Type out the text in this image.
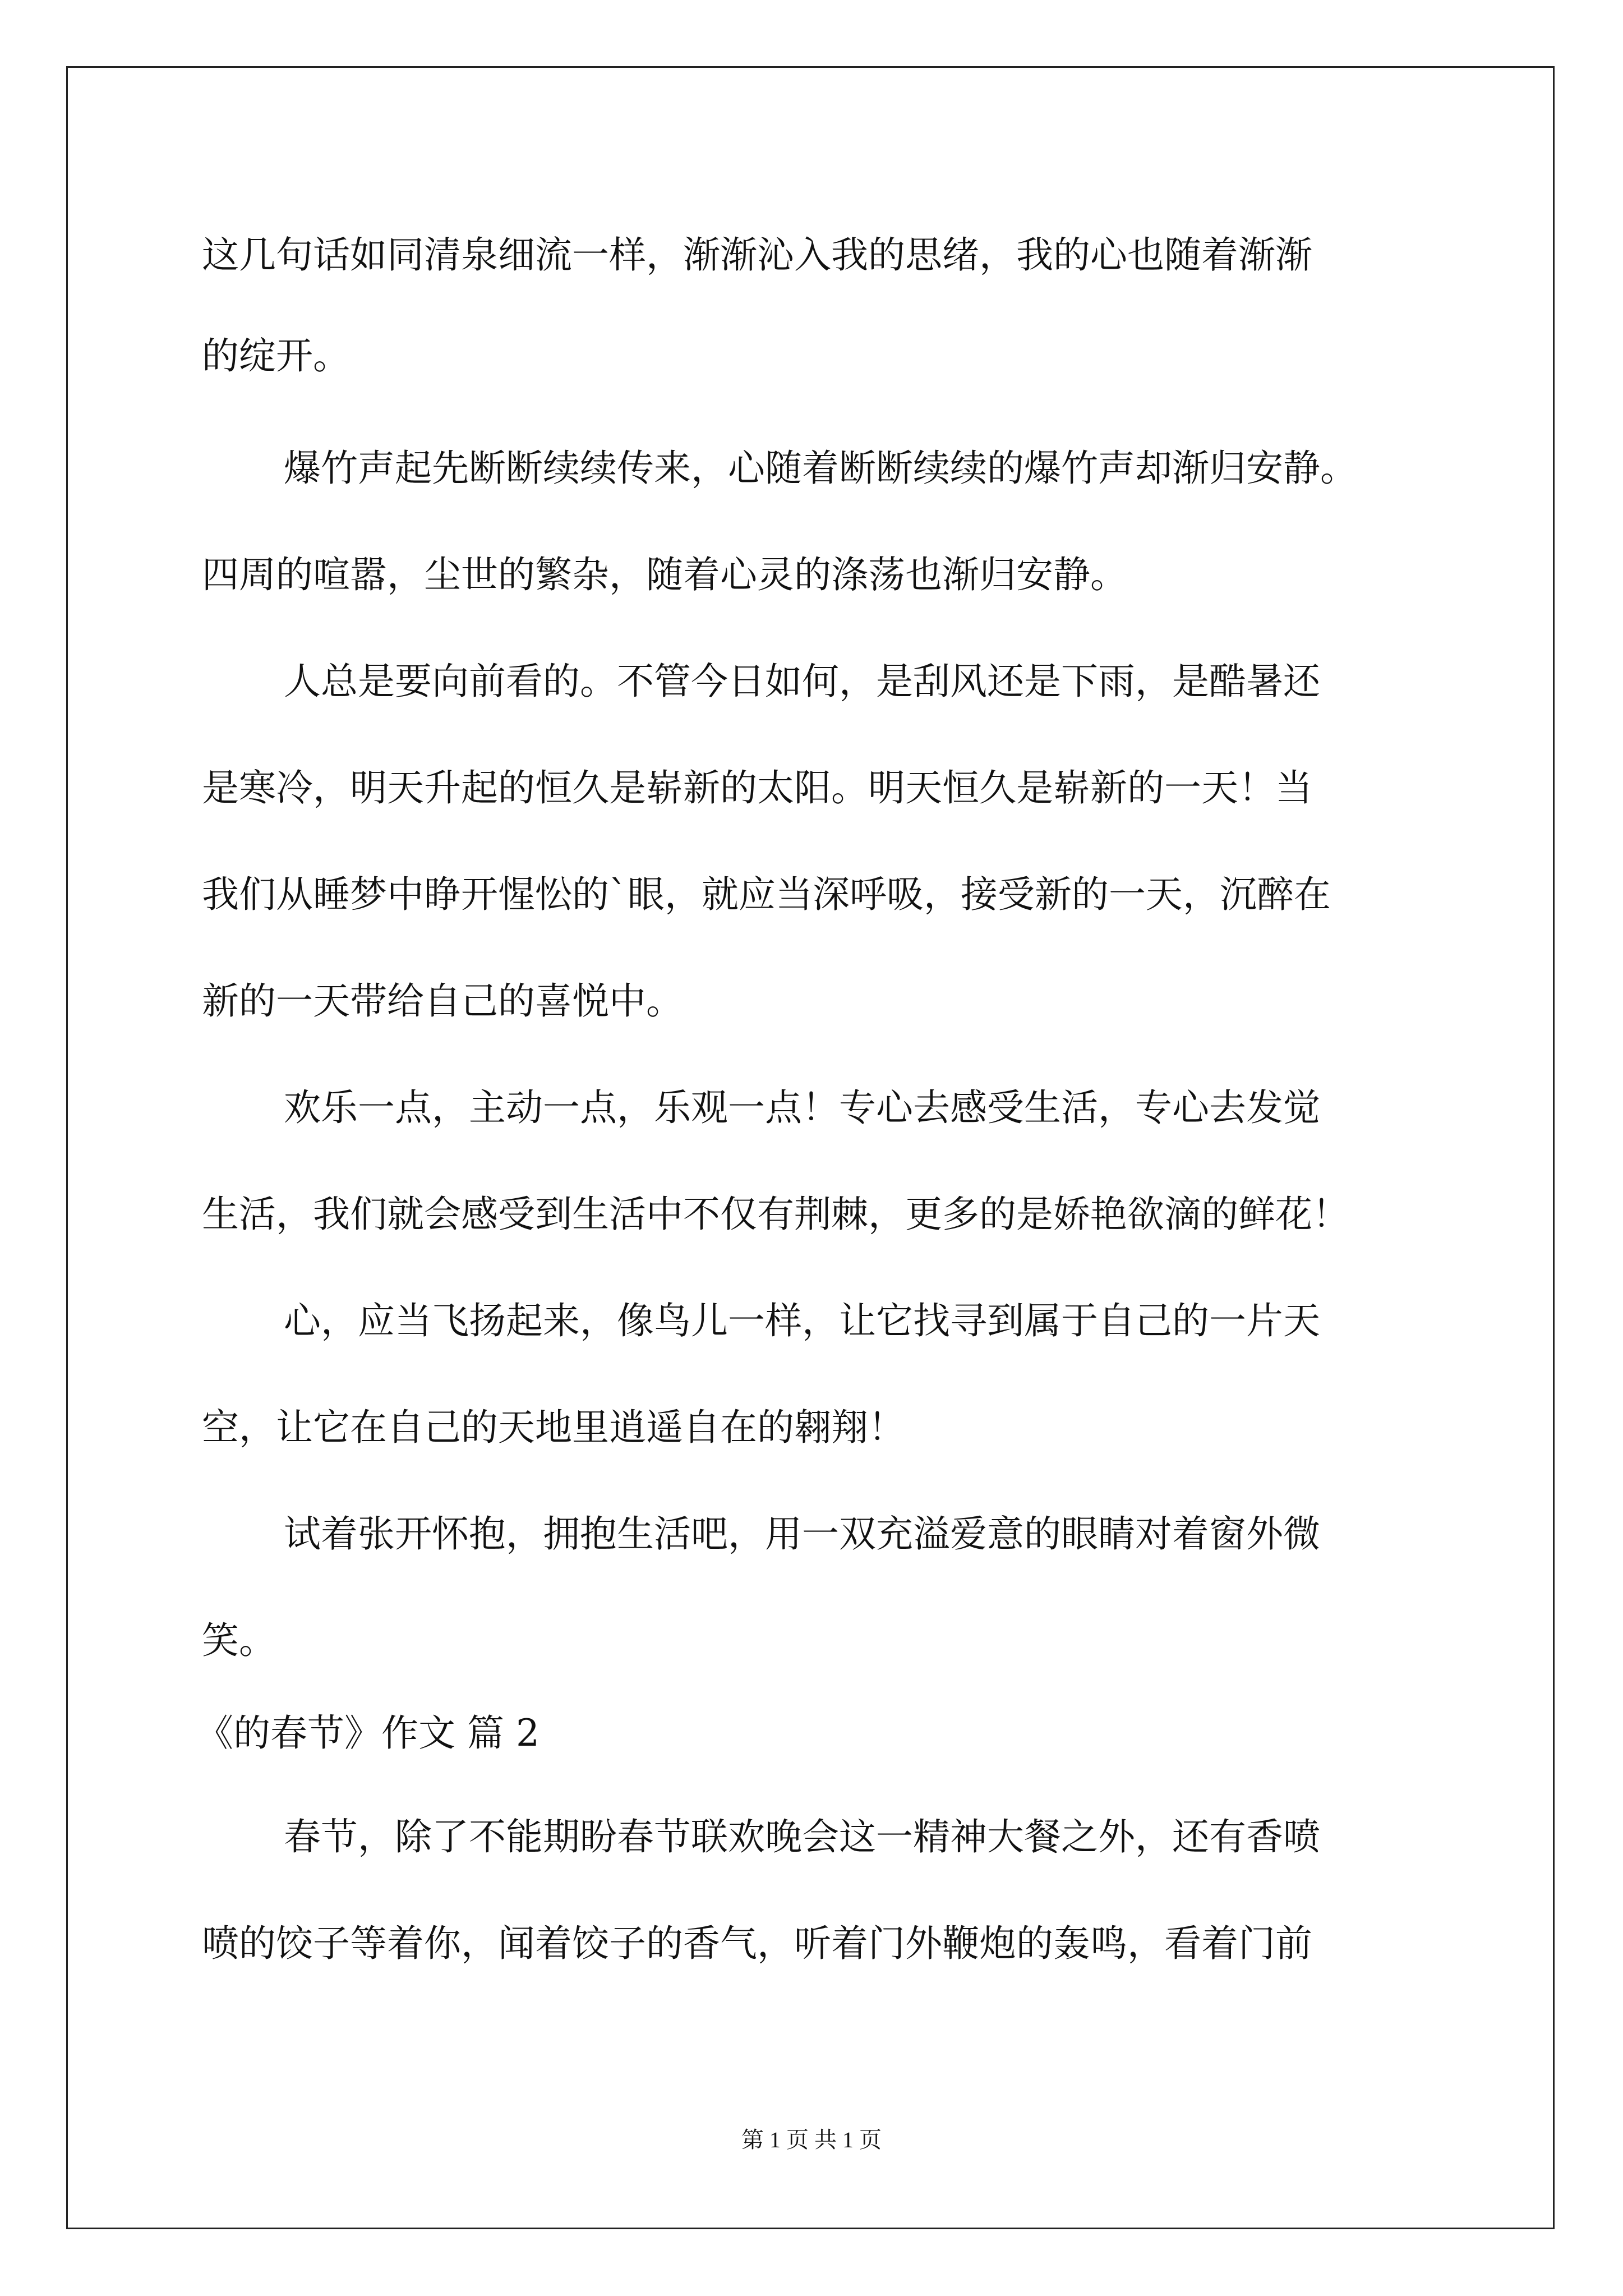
这几句话如同清泉细流一样，渐渐沁入我的思绪，我的心也随着渐渐
的绽开。
爆竹声起先断断续续传来，心随着断断续续的爆竹声却渐归安静。
四周的喧嚣，尘世的繁杂，随着心灵的涤荡也渐归安静。
人总是要向前看的。不管今日如何，是刮风还是下雨，是酷暑还
是寒冷，明天升起的恒久是崭新的太阳。明天恒久是崭新的一天！当
我们从睡梦中睁开惺忪的`眼，就应当深呼吸，接受新的一天，沉醉在
新的一天带给自己的喜悦中。
欢乐一点，主动一点，乐观一点！专心去感受生活，专心去发觉
生活，我们就会感受到生活中不仅有荆棘，更多的是娇艳欲滴的鲜花！
心，应当飞扬起来，像鸟儿一样，让它找寻到属于自己的一片天
空，让它在自己的天地里逍遥自在的翱翔！
试着张开怀抱，拥抱生活吧，用一双充溢爱意的眼睛对着窗外微
笑。
《的春节》作文 篇 2
春节，除了不能期盼春节联欢晚会这一精神大餐之外，还有香喷
喷的饺子等着你，闻着饺子的香气，听着门外鞭炮的轰鸣，看着门前
第 1 页 共 1 页
